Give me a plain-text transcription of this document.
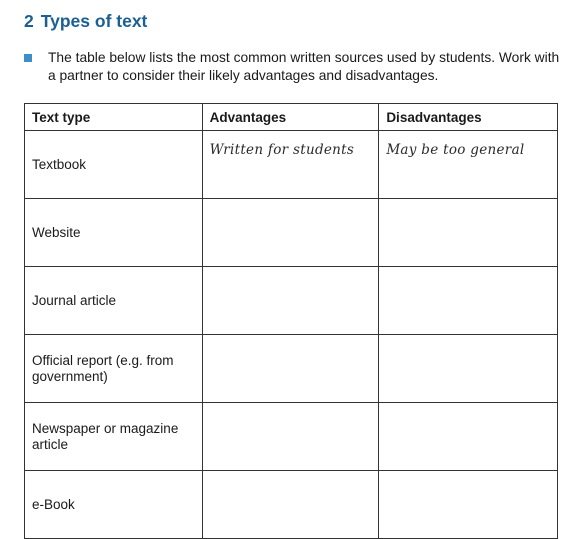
2 Types of text

The table below lists the most common written sources used by students. Work with a partner to consider their likely advantages and disadvantages.

Text type	Advantages	Disadvantages
Textbook	Written for students	May be too general
Website		
Journal article		
Official report (e.g. from government)		
Newspaper or magazine article		
e-Book		
